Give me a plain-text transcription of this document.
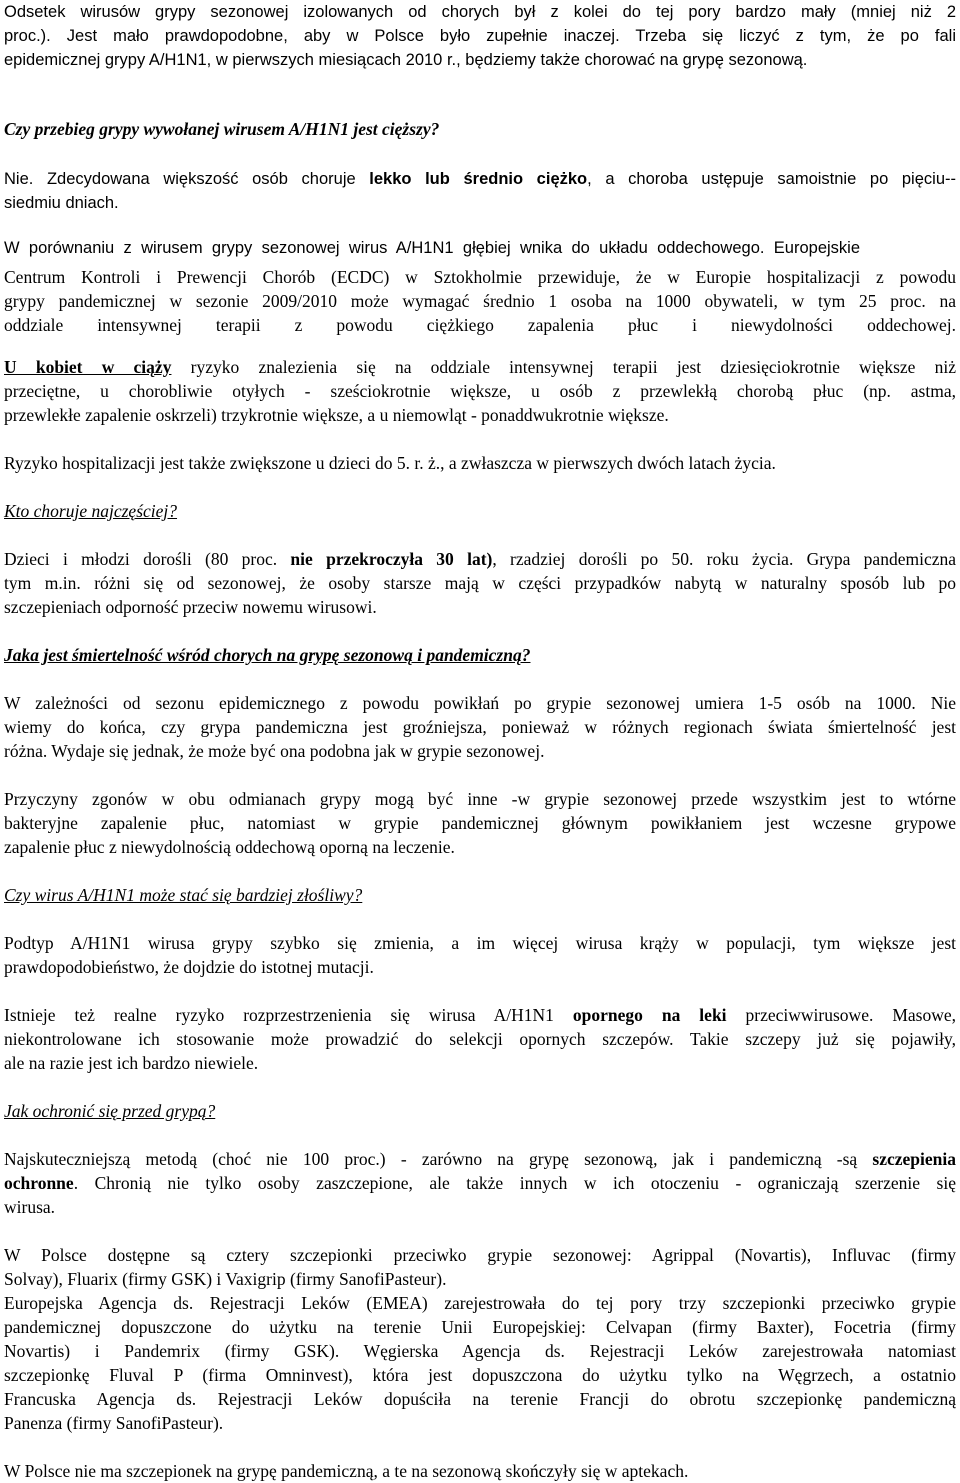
Odsetek wirusów grypy sezonowej izolowanych od chorych był z kolei do tej pory bardzo mały (mniej niż 2
proc.). Jest mało prawdopodobne, aby w Polsce było zupełnie inaczej. Trzeba się liczyć z tym, że po fali
epidemicznej grypy A/H1N1, w pierwszych miesiącach 2010 r., będziemy także chorować na grypę sezonową.
Czy przebieg grypy wywołanej wirusem A/H1N1 jest cięższy?
Nie. Zdecydowana większość osób choruje lekko lub średnio ciężko, a choroba ustępuje samoistnie po pięciu--
siedmiu dniach.
W porównaniu z wirusem grypy sezonowej wirus A/H1N1 głębiej wnika do układu oddechowego. Europejskie
Centrum Kontroli i Prewencji Chorób (ECDC) w Sztokholmie przewiduje, że w Europie hospitalizacji z powodu
grypy pandemicznej w sezonie 2009/2010 może wymagać średnio 1 osoba na 1000 obywateli, w tym 25 proc. na
oddziale intensywnej terapii z powodu ciężkiego zapalenia płuc i niewydolności oddechowej.
U kobiet w ciąży ryzyko znalezienia się na oddziale intensywnej terapii jest dziesięciokrotnie większe niż
przeciętne, u chorobliwie otyłych - sześciokrotnie większe, u osób z przewlekłą chorobą płuc (np. astma,
przewlekłe zapalenie oskrzeli) trzykrotnie większe, a u niemowląt - ponaddwukrotnie większe.
Ryzyko hospitalizacji jest także zwiększone u dzieci do 5. r. ż., a zwłaszcza w pierwszych dwóch latach życia.
Kto choruje najczęściej?
Dzieci i młodzi dorośli (80 proc. nie przekroczyła 30 lat), rzadziej dorośli po 50. roku życia. Grypa pandemiczna
tym m.in. różni się od sezonowej, że osoby starsze mają w części przypadków nabytą w naturalny sposób lub po
szczepieniach odporność przeciw nowemu wirusowi.
Jaka jest śmiertelność wśród chorych na grypę sezonową i pandemiczną?
W zależności od sezonu epidemicznego z powodu powikłań po grypie sezonowej umiera 1-5 osób na 1000. Nie
wiemy do końca, czy grypa pandemiczna jest groźniejsza, ponieważ w różnych regionach świata śmiertelność jest
różna. Wydaje się jednak, że może być ona podobna jak w grypie sezonowej.
Przyczyny zgonów w obu odmianach grypy mogą być inne -w grypie sezonowej przede wszystkim jest to wtórne
bakteryjne zapalenie płuc, natomiast w grypie pandemicznej głównym powikłaniem jest wczesne grypowe
zapalenie płuc z niewydolnością oddechową oporną na leczenie.
Czy wirus A/H1N1 może stać się bardziej złośliwy?
Podtyp A/H1N1 wirusa grypy szybko się zmienia, a im więcej wirusa krąży w populacji, tym większe jest
prawdopodobieństwo, że dojdzie do istotnej mutacji.
Istnieje też realne ryzyko rozprzestrzenienia się wirusa A/H1N1 opornego na leki przeciwwirusowe. Masowe,
niekontrolowane ich stosowanie może prowadzić do selekcji opornych szczepów. Takie szczepy już się pojawiły,
ale na razie jest ich bardzo niewiele.
Jak ochronić się przed grypą?
Najskuteczniejszą metodą (choć nie 100 proc.) - zarówno na grypę sezonową, jak i pandemiczną -są szczepienia
ochronne. Chronią nie tylko osoby zaszczepione, ale także innych w ich otoczeniu - ograniczają szerzenie się
wirusa.
W Polsce dostępne są cztery szczepionki przeciwko grypie sezonowej: Agrippal (Novartis), Influvac (firmy
Solvay), Fluarix (firmy GSK) i Vaxigrip (firmy SanofiPasteur).
Europejska Agencja ds. Rejestracji Leków (EMEA) zarejestrowała do tej pory trzy szczepionki przeciwko grypie
pandemicznej dopuszczone do użytku na terenie Unii Europejskiej: Celvapan (firmy Baxter), Focetria (firmy
Novartis) i Pandemrix (firmy GSK). Węgierska Agencja ds. Rejestracji Leków zarejestrowała natomiast
szczepionkę Fluval P (firma Omninvest), która jest dopuszczona do użytku tylko na Węgrzech, a ostatnio
Francuska Agencja ds. Rejestracji Leków dopuściła na terenie Francji do obrotu szczepionkę pandemiczną
Panenza (firmy SanofiPasteur).
W Polsce nie ma szczepionek na grypę pandemiczną, a te na sezonową skończyły się w aptekach.
